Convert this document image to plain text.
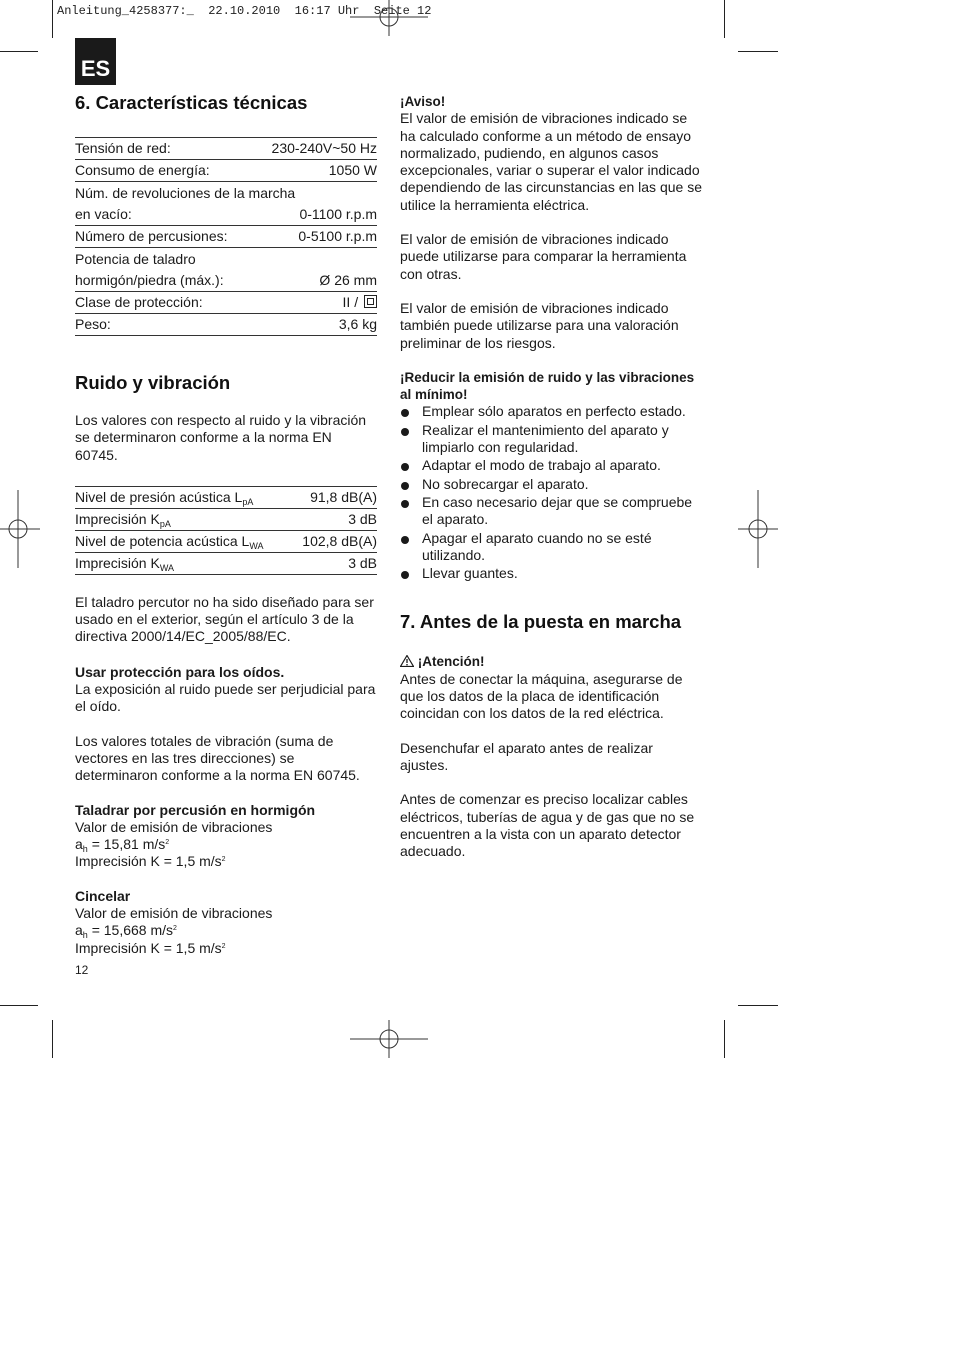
Anleitung_4258377:_  22.10.2010  16:17 Uhr  Seite 12
ES
6. Características técnicas
Tensión de red:	230-240V~50 Hz
Consumo de energía:	1050 W
Núm. de revoluciones de la marcha
en vacío:	0-1100 r.p.m
Número de percusiones:	0-5100 r.p.m
Potencia de taladro
hormigón/piedra (máx.):	Ø 26 mm
Clase de protección:	II /
Peso:	3,6 kg
Ruido y vibración

Los valores con respecto al ruido y la vibración se determinaron conforme a la norma EN 60745.

Nivel de presión acústica $L_{pA}$	91,8 dB(A)
Imprecisión $K_{pA}$	3 dB
Nivel de potencia acústica $L_{WA}$	102,8 dB(A)
Imprecisión $K_{WA}$	3 dB

El taladro percutor no ha sido diseñado para ser usado en el exterior, según el artículo 3 de la directiva 2000/14/EC_2005/88/EC.

Usar protección para los oídos.

La exposición al ruido puede ser perjudicial para el oído.

Los valores totales de vibración (suma de vectores en las tres direcciones) se determinaron conforme a la norma EN 60745.

Taladrar por percusión en hormigón

Valor de emisión de vibraciones

$a_h = 15,81$ $m/s^2$

Imprecisión K = 1,5 $m/s^2$

Cincelar

Valor de emisión de vibraciones

$a_h = 15,668$ $m/s^2$

Imprecisión K = 1,5 $m/s^2$

12

¡Aviso!

El valor de emisión de vibraciones indicado se ha calculado conforme a un método de ensayo normalizado, pudiendo, en algunos casos excepcionales, variar o superar el valor indicado dependiendo de las circunstancias en las que se utilice la herramienta eléctrica.

El valor de emisión de vibraciones indicado puede utilizarse para comparar la herramienta con otras.

El valor de emisión de vibraciones indicado también puede utilizarse para una valoración preliminar de los riesgos.

¡Reducir la emisión de ruido y las vibraciones al mínimo!

Emplear sólo aparatos en perfecto estado.
Realizar el mantenimiento del aparato y limpiarlo con regularidad.
Adaptar el modo de trabajo al aparato.
No sobrecargar el aparato.
En caso necesario dejar que se compruebe el aparato.
Apagar el aparato cuando no se esté utilizando.
Llevar guantes.
7. Antes de la puesta en marcha

¡Atención!

Antes de conectar la máquina, asegurarse de que los datos de la placa de identificación coincidan con los datos de la red eléctrica.

Desenchufar el aparato antes de realizar ajustes.

Antes de comenzar es preciso localizar cables eléctricos, tuberías de agua y de gas que no se encuentren a la vista con un aparato detector adecuado.
